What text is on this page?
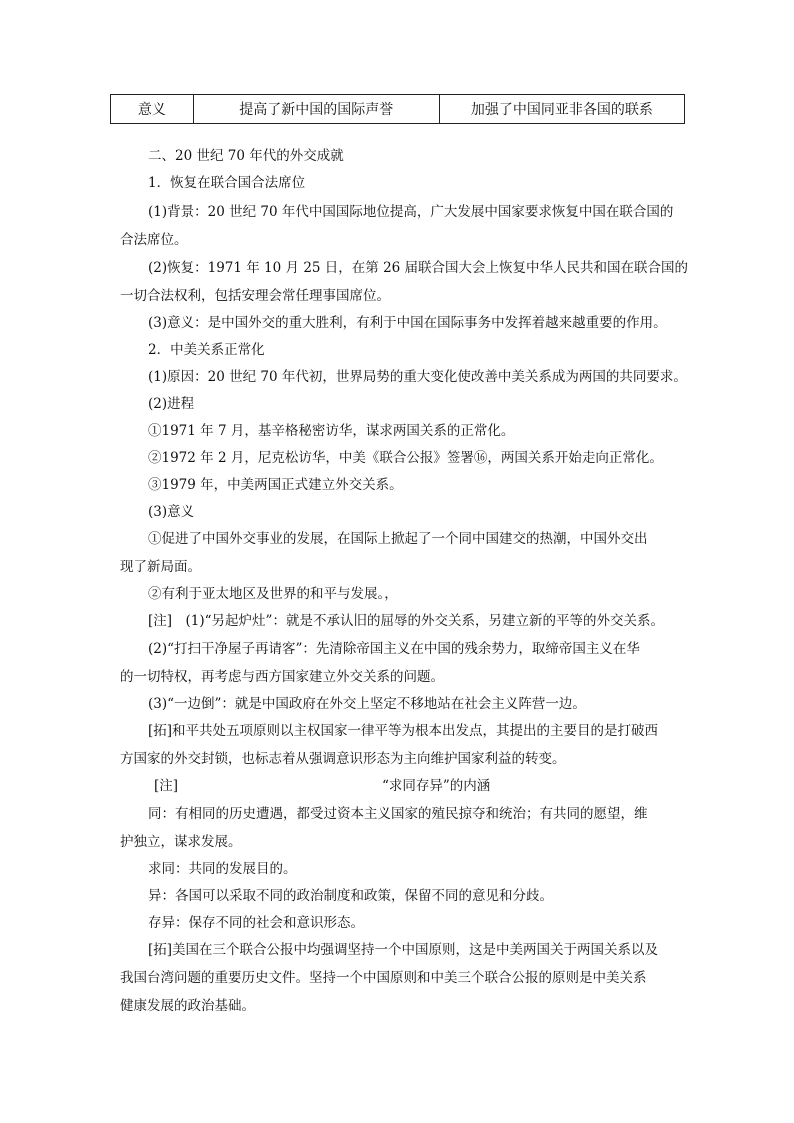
意义	提高了新中国的国际声誉	加强了中国同亚非各国的联系
二、20 世纪 70 年代的外交成就
1．恢复在联合国合法席位
(1)背景：20 世纪 70 年代中国国际地位提高，广大发展中国家要求恢复中国在联合国的
合法席位。
(2)恢复：1971 年 10 月 25 日，在第 26 届联合国大会上恢复中华人民共和国在联合国的
一切合法权利，包括安理会常任理事国席位。
(3)意义：是中国外交的重大胜利，有利于中国在国际事务中发挥着越来越重要的作用。
2．中美关系正常化
(1)原因：20 世纪 70 年代初，世界局势的重大变化使改善中美关系成为两国的共同要求。
(2)进程
①1971 年 7 月，基辛格秘密访华，谋求两国关系的正常化。
②1972 年 2 月，尼克松访华，中美《联合公报》签署⑯，两国关系开始走向正常化。
③1979 年，中美两国正式建立外交关系。
(3)意义
①促进了中国外交事业的发展，在国际上掀起了一个同中国建交的热潮，中国外交出
现了新局面。
②有利于亚太地区及世界的和平与发展。，
[注]　(1)“另起炉灶”：就是不承认旧的屈辱的外交关系，另建立新的平等的外交关系。
(2)“打扫干净屋子再请客”：先清除帝国主义在中国的残余势力，取缔帝国主义在华
的一切特权，再考虑与西方国家建立外交关系的问题。
(3)“一边倒”：就是中国政府在外交上坚定不移地站在社会主义阵营一边。
[拓]和平共处五项原则以主权国家一律平等为根本出发点，其提出的主要目的是打破西
方国家的外交封锁，也标志着从强调意识形态为主向维护国家利益的转变。
[注]	“求同存异”的内涵
同：有相同的历史遭遇，都受过资本主义国家的殖民掠夺和统治；有共同的愿望，维
护独立，谋求发展。
求同：共同的发展目的。
异：各国可以采取不同的政治制度和政策，保留不同的意见和分歧。
存异：保存不同的社会和意识形态。
[拓]美国在三个联合公报中均强调坚持一个中国原则，这是中美两国关于两国关系以及
我国台湾问题的重要历史文件。坚持一个中国原则和中美三个联合公报的原则是中美关系
健康发展的政治基础。
